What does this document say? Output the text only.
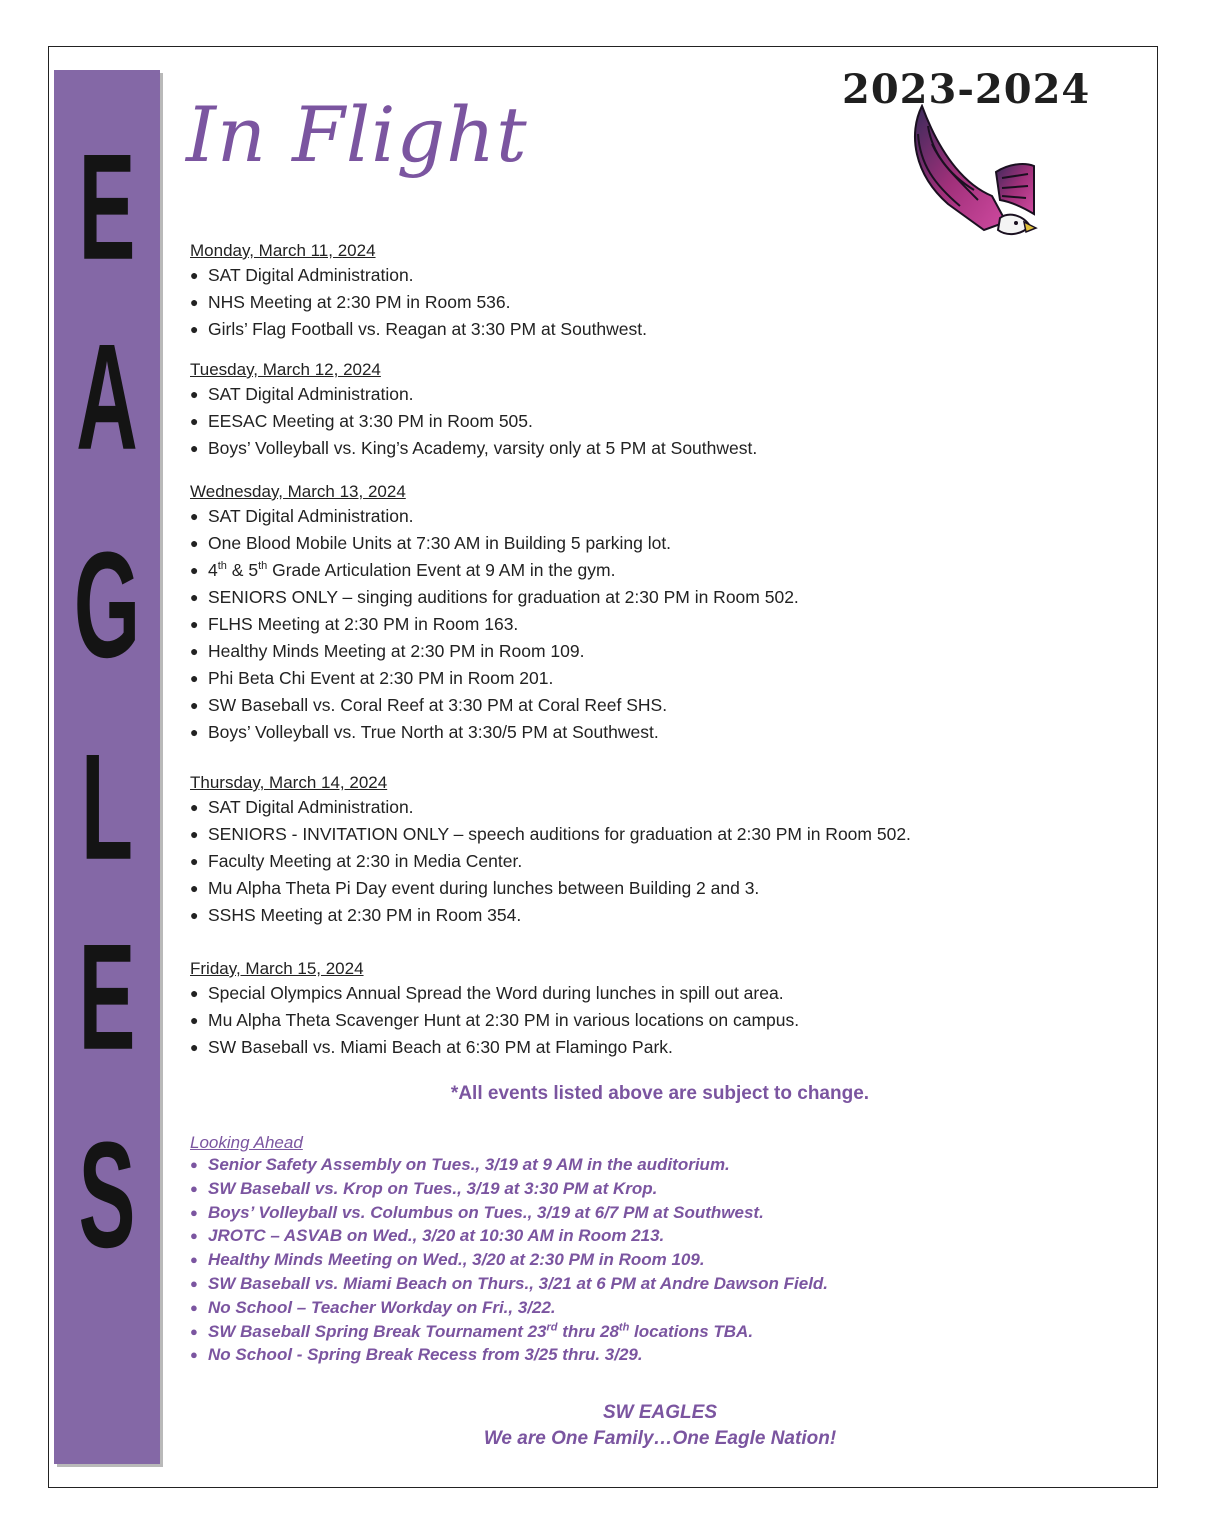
E
A
G
L
E
S
In Flight
2023-2024
Monday, March 11, 2024
● SAT Digital Administration.
● NHS Meeting at 2:30 PM in Room 536.
● Girls’ Flag Football vs. Reagan at 3:30 PM at Southwest.
Tuesday, March 12, 2024
● SAT Digital Administration.
● EESAC Meeting at 3:30 PM in Room 505.
● Boys’ Volleyball vs. King’s Academy, varsity only at 5 PM at Southwest.
Wednesday, March 13, 2024
● SAT Digital Administration.
● One Blood Mobile Units at 7:30 AM in Building 5 parking lot.
● 4th & 5th Grade Articulation Event at 9 AM in the gym.
● SENIORS ONLY – singing auditions for graduation at 2:30 PM in Room 502.
● FLHS Meeting at 2:30 PM in Room 163.
● Healthy Minds Meeting at 2:30 PM in Room 109.
● Phi Beta Chi Event at 2:30 PM in Room 201.
● SW Baseball vs. Coral Reef at 3:30 PM at Coral Reef SHS.
● Boys’ Volleyball vs. True North at 3:30/5 PM at Southwest.
Thursday, March 14, 2024
● SAT Digital Administration.
● SENIORS - INVITATION ONLY – speech auditions for graduation at 2:30 PM in Room 502.
● Faculty Meeting at 2:30 in Media Center.
● Mu Alpha Theta Pi Day event during lunches between Building 2 and 3.
● SSHS Meeting at 2:30 PM in Room 354.
Friday, March 15, 2024
● Special Olympics Annual Spread the Word during lunches in spill out area.
● Mu Alpha Theta Scavenger Hunt at 2:30 PM in various locations on campus.
● SW Baseball vs. Miami Beach at 6:30 PM at Flamingo Park.
*All events listed above are subject to change.
Looking Ahead
● Senior Safety Assembly on Tues., 3/19 at 9 AM in the auditorium.
● SW Baseball vs. Krop on Tues., 3/19 at 3:30 PM at Krop.
● Boys’ Volleyball vs. Columbus on Tues., 3/19 at 6/7 PM at Southwest.
● JROTC – ASVAB on Wed., 3/20 at 10:30 AM in Room 213.
● Healthy Minds Meeting on Wed., 3/20 at 2:30 PM in Room 109.
● SW Baseball vs. Miami Beach on Thurs., 3/21 at 6 PM at Andre Dawson Field.
● No School – Teacher Workday on Fri., 3/22.
● SW Baseball Spring Break Tournament 23rd thru 28th locations TBA.
● No School - Spring Break Recess from 3/25 thru. 3/29.
SW EAGLES
We are One Family…One Eagle Nation!
